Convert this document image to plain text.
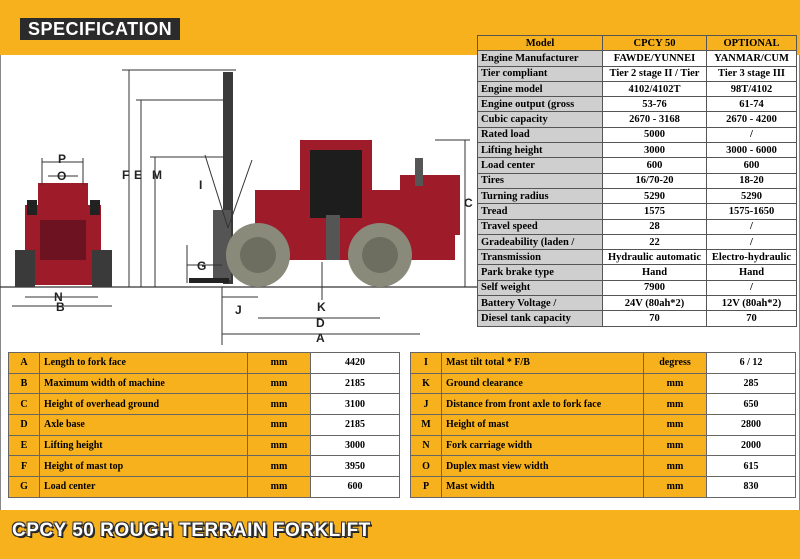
SPECIFICATION
P
O
N
B
F E M
I
G
C
J	K
D
A
Model	CPCY 50	OPTIONAL
Engine Manufacturer	FAWDE/YUNNEI	YANMAR/CUM
Tier compliant	Tier 2 stage II / Tier	Tier 3 stage III
Engine model	4102/4102T	98T/4102
Engine output (gross	53-76	61-74
Cubic capacity	2670 - 3168	2670 - 4200
Rated load	5000	/
Lifting height	3000	3000 - 6000
Load center	600	600
Tires	16/70-20	18-20
Turning radius	5290	5290
Tread	1575	1575-1650
Travel speed	28	/
Gradeability (laden /	22	/
Transmission	Hydraulic automatic	Electro-hydraulic
Park brake type	Hand	Hand
Self weight	7900	/
Battery Voltage /	24V (80ah*2)	12V (80ah*2)
Diesel tank capacity	70	70
A	Length to fork face	mm	4420
B	Maximum width of machine	mm	2185
C	Height of overhead ground	mm	3100
D	Axle base	mm	2185
E	Lifting height	mm	3000
F	Height of mast top	mm	3950
G	Load center	mm	600
I	Mast tilt total * F/B	degress	6 / 12
K	Ground clearance	mm	285
J	Distance from front axle to fork face	mm	650
M	Height of mast	mm	2800
N	Fork carriage width	mm	2000
O	Duplex mast view width	mm	615
P	Mast width	mm	830
CPCY 50 ROUGH TERRAIN FORKLIFT
